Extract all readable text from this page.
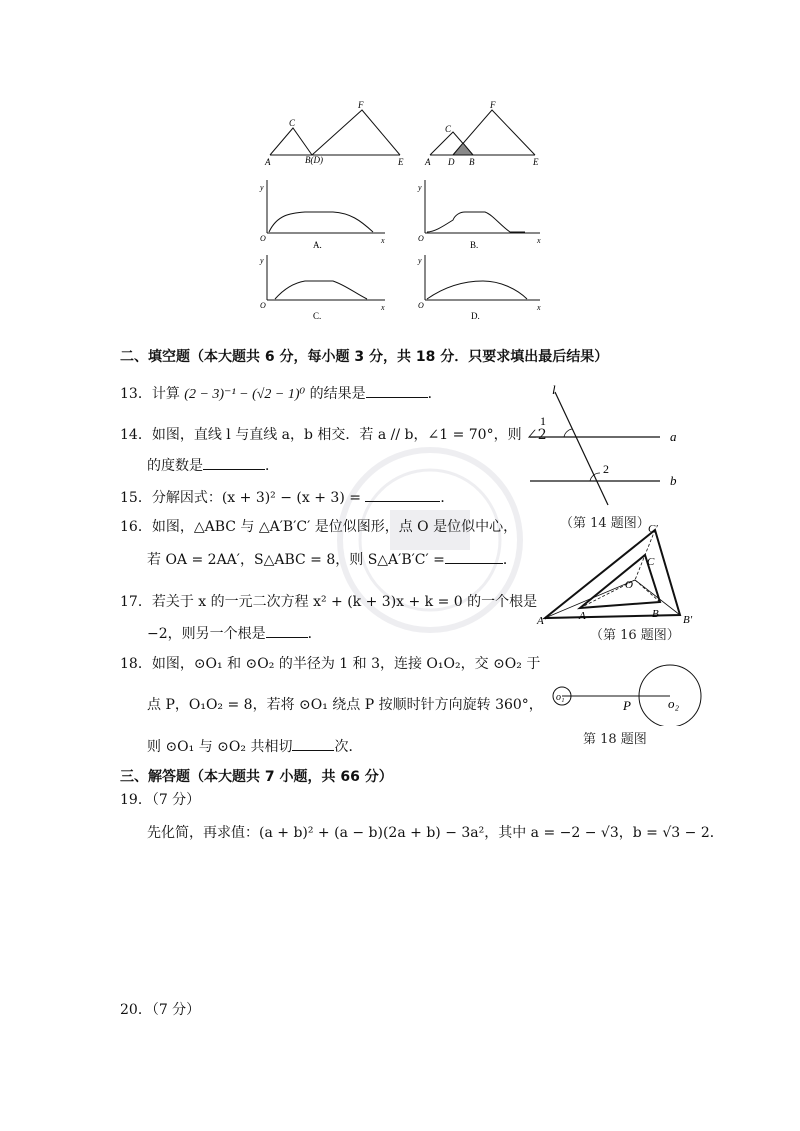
C
A	B(D)
F
E
C
A D B
F
E
y
O	x
A.
y
O	x
B.
y
O	x
C.
y
O	x
D.
二、填空题（本大题共 6 分，每小题 3 分，共 18 分．只要求填出最后结果）
13．计算 (2 − 3)⁻¹ − (√2 − 1)⁰ 的结果是	．
14．如图，直线 l 与直线 a，b 相交．若 a // b，∠1 = 70°，则 ∠2
的度数是	．
l
1
a
2
b
（第 14 题图）
15．分解因式：(x + 3)² − (x + 3) =	．
16．如图，△ABC 与 △A′B′C′ 是位似图形，点 O 是位似中心，
若 OA = 2AA′，S△ABC = 8，则 S△A′B′C′ =	．
C′
C
O
A′	A	B B′
（第 16 题图）
17．若关于 x 的一元二次方程 x² + (k + 3)x + k = 0 的一个根是
−2，则另一个根是	．
18．如图，⊙O₁ 和 ⊙O₂ 的半径为 1 和 3，连接 O₁O₂，交 ⊙O₂ 于
点 P，O₁O₂ = 8，若将 ⊙O₁ 绕点 P 按顺时针方向旋转 360°，
则 ⊙O₁ 与 ⊙O₂ 共相切	次．
o₁
P	o₂
第 18 题图
三、解答题（本大题共 7 小题，共 66 分）
19．（7 分）
先化简，再求值：(a + b)² + (a − b)(2a + b) − 3a²，其中 a = −2 − √3，b = √3 − 2．
20．（7 分）
